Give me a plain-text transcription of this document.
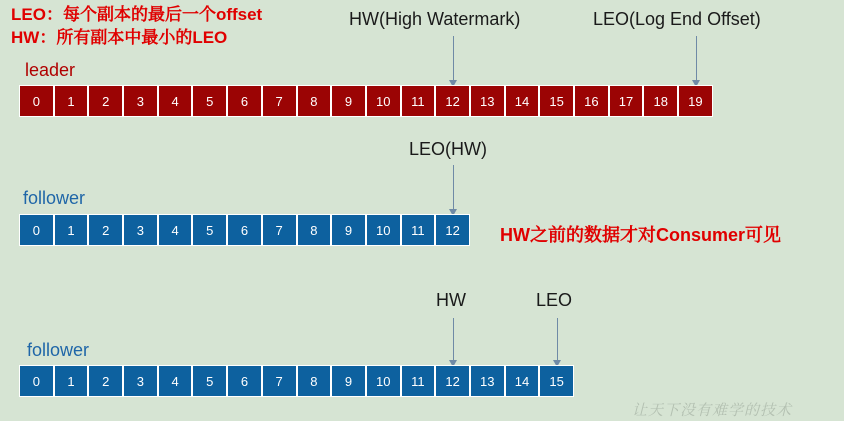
LEO：每个副本的最后一个offset
HW：所有副本中最小的LEO
HW(High Watermark)	LEO(Log End Offset)
leader
0	1	2	3	4	5	6	7	8	9	10	11	12	13	14	15	16	17	18	19
LEO(HW)
follower
0	1	2	3	4	5	6	7	8	9	10	11	12	HW之前的数据才对Consumer可见
HW	LEO
follower
0	1	2	3	4	5	6	7	8	9	10	11	12	13	14	15
让天下没有难学的技术
